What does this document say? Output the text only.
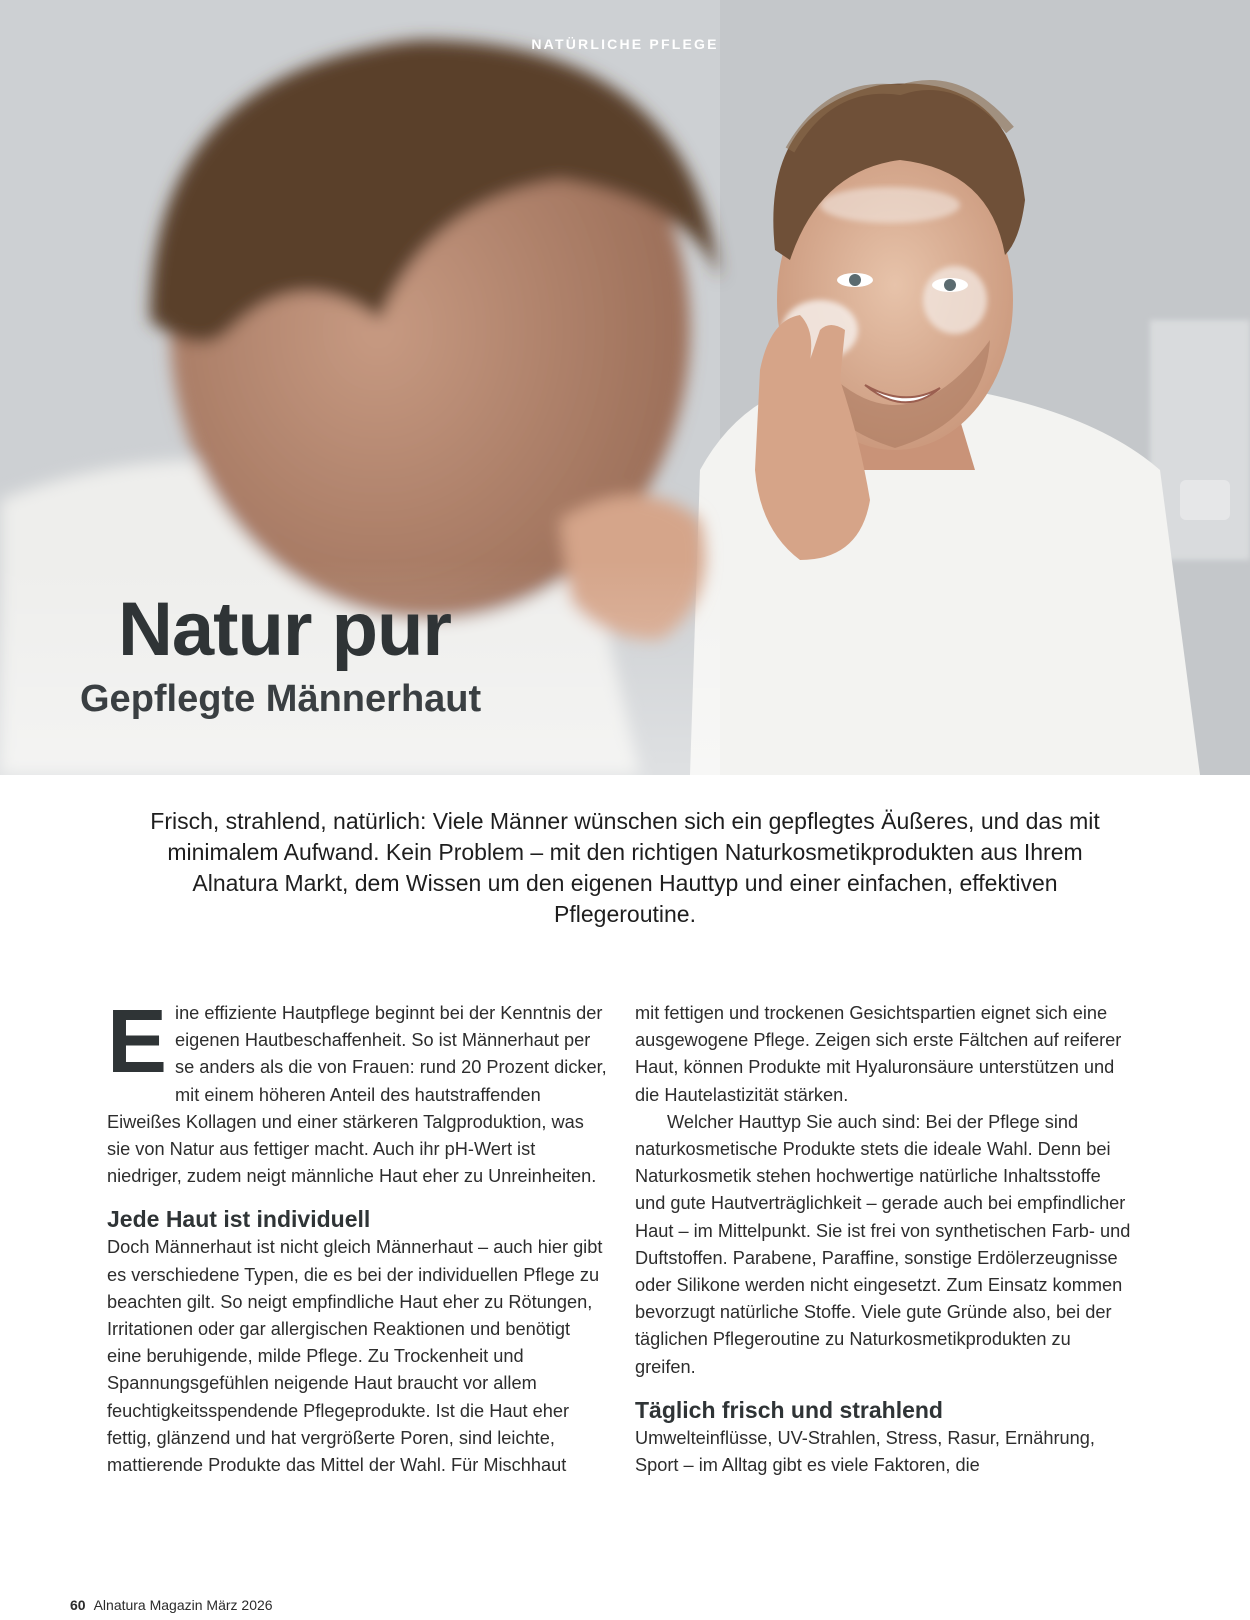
NATÜRLICHE PFLEGE
Natur pur
Gepflegte Männerhaut

Frisch, strahlend, natürlich: Viele Männer wünschen sich ein gepflegtes Äußeres, und das mit minimalem Aufwand. Kein Problem – mit den richtigen Naturkosmetikprodukten aus Ihrem Alnatura Markt, dem Wissen um den eigenen Hauttyp und einer einfachen, effektiven Pflegeroutine.

Eine effiziente Hautpflege beginnt bei der Kenntnis der eigenen Hautbeschaffenheit. So ist Männerhaut per se anders als die von Frauen: rund 20 Prozent dicker, mit einem höheren Anteil des hautstraffenden Eiweißes Kollagen und einer stärkeren Talgproduktion, was sie von Natur aus fettiger macht. Auch ihr pH-Wert ist niedriger, zudem neigt männliche Haut eher zu Unreinheiten.

Jede Haut ist individuell

Doch Männerhaut ist nicht gleich Männerhaut – auch hier gibt es verschiedene Typen, die es bei der individuellen Pflege zu beachten gilt. So neigt empfindliche Haut eher zu Rötungen, Irritationen oder gar allergischen Reaktionen und benötigt eine beruhigende, milde Pflege. Zu Trockenheit und Spannungsgefühlen neigende Haut braucht vor allem feuchtigkeitsspendende Pflegeprodukte. Ist die Haut eher fettig, glänzend und hat vergrößerte Poren, sind leichte, mattierende Produkte das Mittel der Wahl. Für Mischhaut

mit fettigen und trockenen Gesichtspartien eignet sich eine ausgewogene Pflege. Zeigen sich erste Fältchen auf reiferer Haut, können Produkte mit Hyaluronsäure unterstützen und die Hautelastizität stärken.

Welcher Hauttyp Sie auch sind: Bei der Pflege sind naturkosmetische Produkte stets die ideale Wahl. Denn bei Naturkosmetik stehen hochwertige natürliche Inhaltsstoffe und gute Hautverträglichkeit – gerade auch bei empfindlicher Haut – im Mittelpunkt. Sie ist frei von synthetischen Farb- und Duftstoffen. Parabene, Paraffine, sonstige Erdölerzeugnisse oder Silikone werden nicht eingesetzt. Zum Einsatz kommen bevorzugt natürliche Stoffe. Viele gute Gründe also, bei der täglichen Pflegeroutine zu Naturkosmetikprodukten zu greifen.

Täglich frisch und strahlend

Umwelteinflüsse, UV-Strahlen, Stress, Rasur, Ernährung, Sport – im Alltag gibt es viele Faktoren, die

60 Alnatura Magazin März 2026
